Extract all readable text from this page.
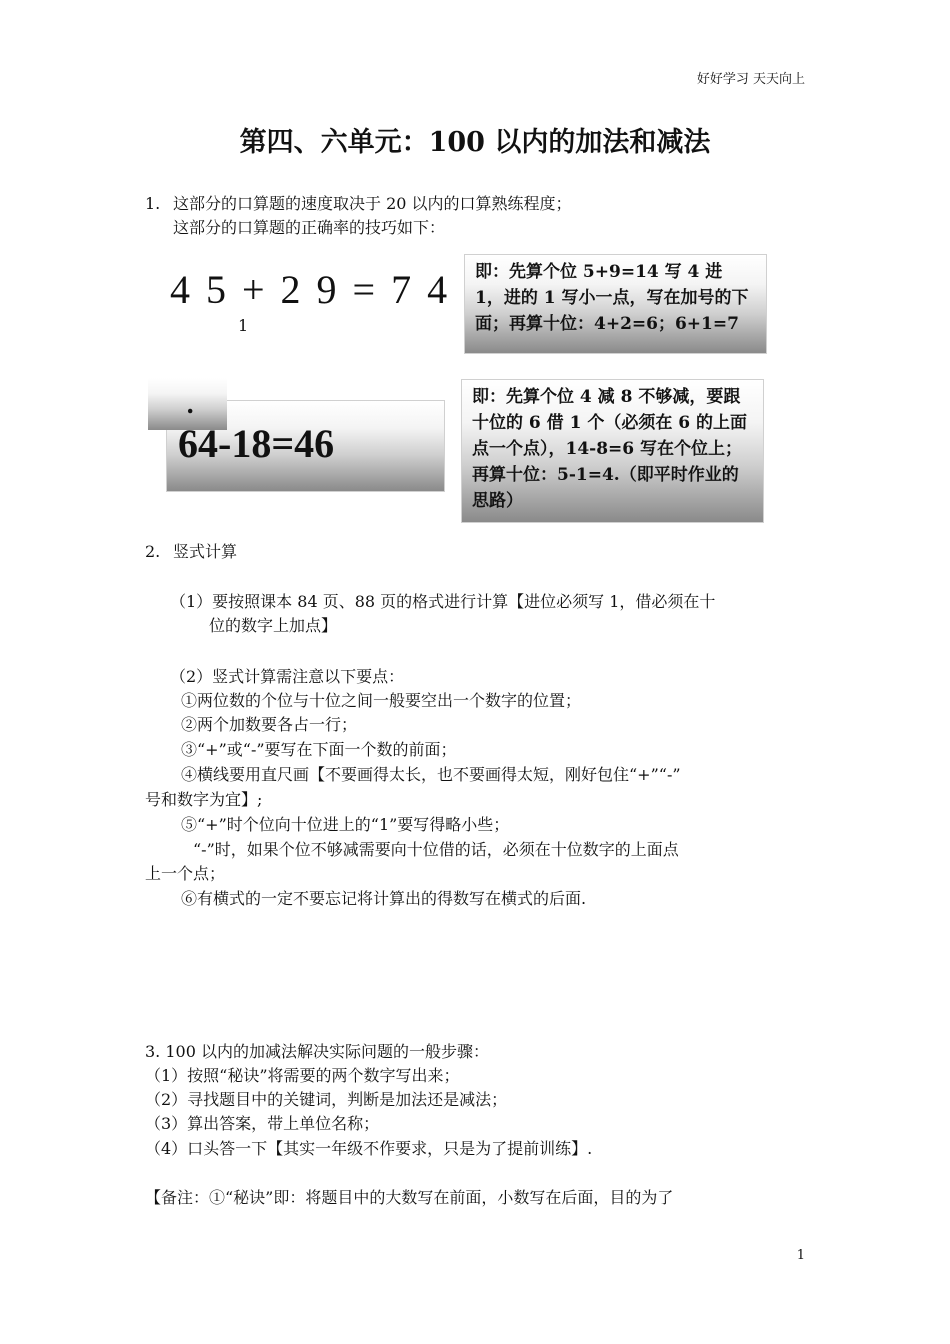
好好学习 天天向上
第四、六单元：100 以内的加法和减法
1. 这部分的口算题的速度取决于 20 以内的口算熟练程度；
这部分的口算题的正确率的技巧如下：
4 5 + 2 9 = 7 4
1
即：先算个位 5+9=14 写 4 进 1，进的 1 写小一点，写在加号的下面；再算十位：4+2=6；6+1=7
.
64-18=46
即：先算个位 4 减 8 不够减，要跟十位的 6 借 1 个（必须在 6 的上面点一个点），14-8=6 写在个位上；再算十位：5-1=4.（即平时作业的思路）
2. 竖式计算
（1）要按照课本 84 页、88 页的格式进行计算【进位必须写 1，借必须在十
位的数字上加点】
（2）竖式计算需注意以下要点：
①两位数的个位与十位之间一般要空出一个数字的位置；
②两个加数要各占一行；
③“+”或“-”要写在下面一个数的前面；
④横线要用直尺画【不要画得太长，也不要画得太短，刚好包住“+”“-”
号和数字为宜】;
⑤“+”时个位向十位进上的“1”要写得略小些；
“-”时，如果个位不够减需要向十位借的话，必须在十位数字的上面点
上一个点；
⑥有横式的一定不要忘记将计算出的得数写在横式的后面.
3. 100 以内的加减法解决实际问题的一般步骤：
（1）按照“秘诀”将需要的两个数字写出来；
（2）寻找题目中的关键词，判断是加法还是减法；
（3）算出答案，带上单位名称；
（4）口头答一下【其实一年级不作要求，只是为了提前训练】.
【备注：①“秘诀”即：将题目中的大数写在前面，小数写在后面，目的为了
1
